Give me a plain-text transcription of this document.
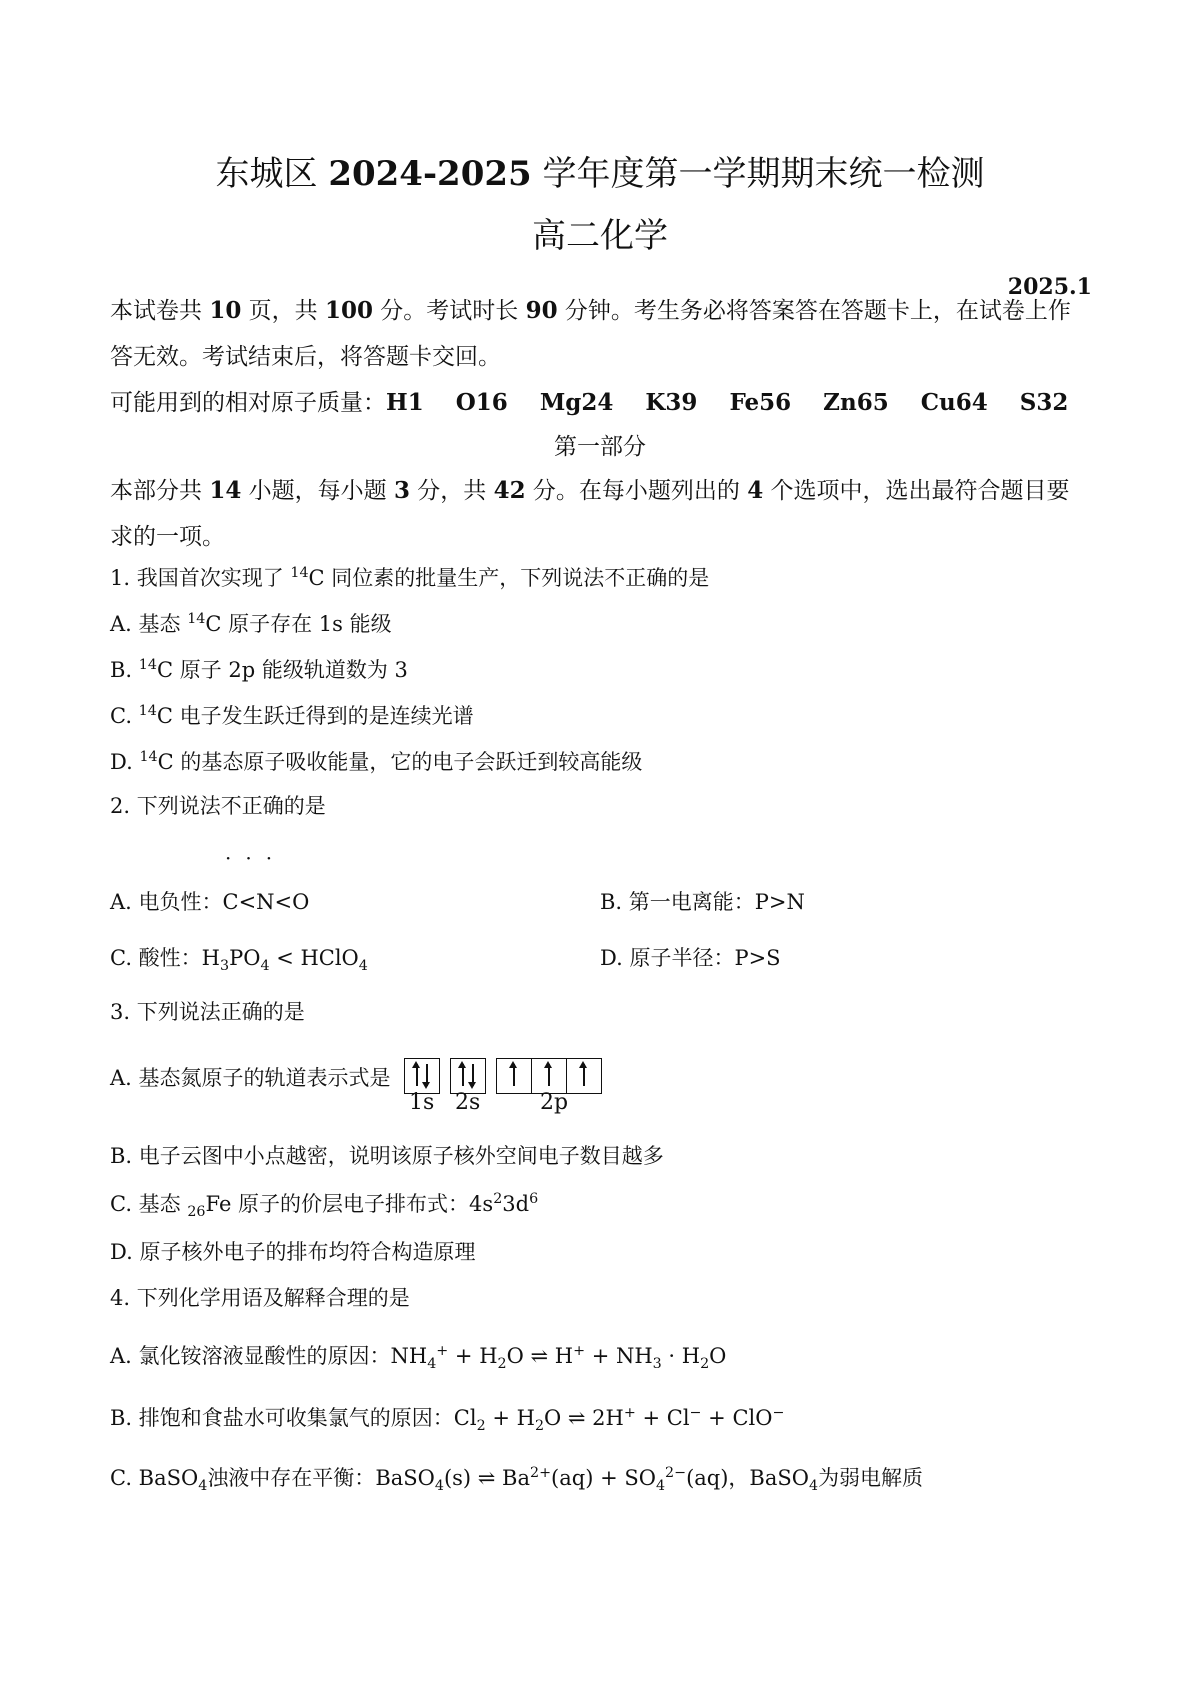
东城区 2024-2025 学年度第一学期期末统一检测
高二化学
2025.1
本试卷共 10 页，共 100 分。考试时长 90 分钟。考生务必将答案答在答题卡上，在试卷上作
答无效。考试结束后，将答题卡交回。
可能用到的相对原子质量：H1    O16    Mg24    K39    Fe56    Zn65    Cu64    S32
第一部分
本部分共 14 小题，每小题 3 分，共 42 分。在每小题列出的 4 个选项中，选出最符合题目要
求的一项。
1. 我国首次实现了 $^{14}$C 同位素的批量生产，下列说法不正确的是
A. 基态 $^{14}$C 原子存在 1s 能级
B. $^{14}$C 原子 2p 能级轨道数为 3
C. $^{14}$C 电子发生跃迁得到的是连续光谱
D. $^{14}$C 的基态原子吸收能量，它的电子会跃迁到较高能级
2. 下列说法不正确的是
···
A. 电负性：C<N<O	B. 第一电离能：P>N
C. 酸性：$H_3PO_4$ < HClO$_4$	D. 原子半径：P>S
3. 下列说法正确的是
A. 基态氮原子的轨道表示式是
1s 2s	2p
B. 电子云图中小点越密，说明该原子核外空间电子数目越多
C. 基态 $_{26}$Fe 原子的价层电子排布式：$4s^23d^6$
D. 原子核外电子的排布均符合构造原理
4. 下列化学用语及解释合理的是
A. 氯化铵溶液显酸性的原因：$NH_4^+ + H_2O$ ⇌ $H^+ + NH_3 \cdot H_2O$
B. 排饱和食盐水可收集氯气的原因：$Cl_2 + H_2O$ ⇌ 2H+ + Cl− + ClO−
C. BaSO$_4$浊液中存在平衡：BaSO$_4$(s) ⇌ $Ba^{2+}(aq) + SO_4^{2-}(aq)$，BaSO$_4$为弱电解质
